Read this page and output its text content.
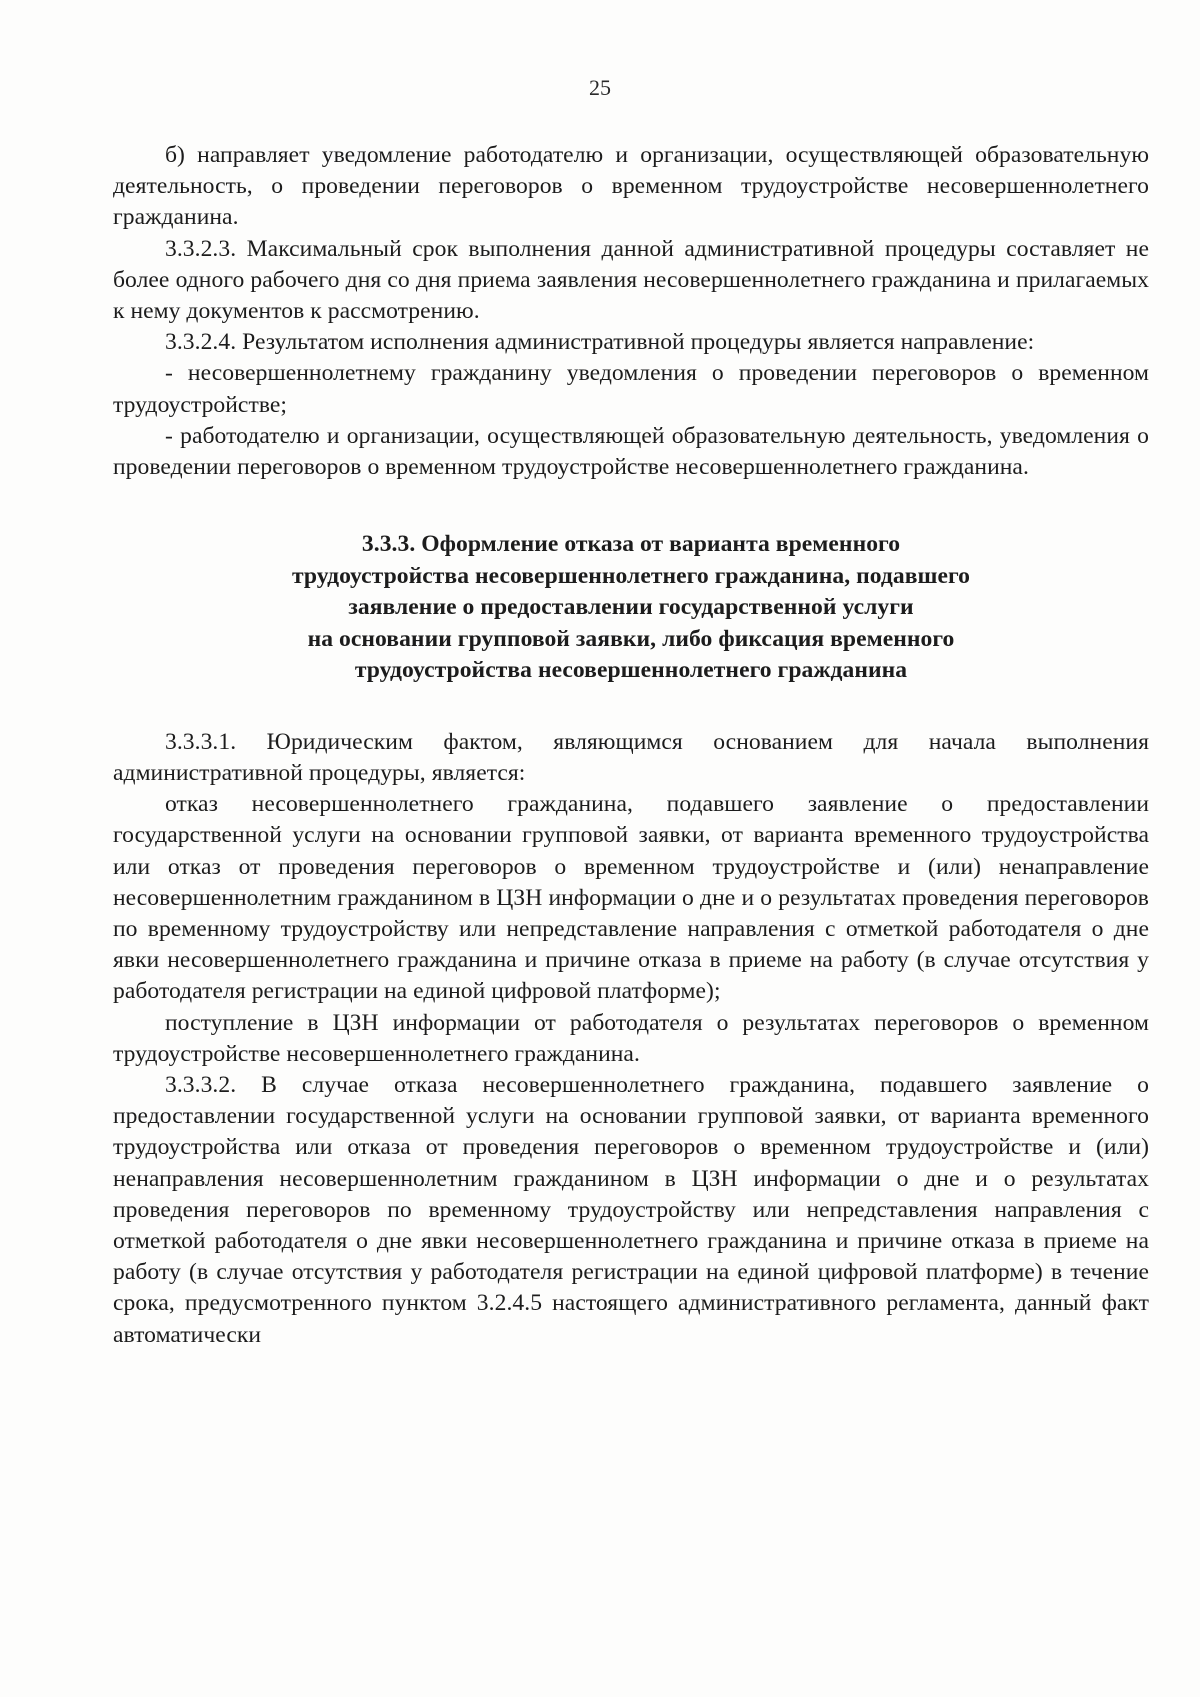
25

б) направляет уведомление работодателю и организации, осуществляющей образовательную деятельность, о проведении переговоров о временном трудоустройстве несовершеннолетнего гражданина.

3.3.2.3. Максимальный срок выполнения данной административной процедуры составляет не более одного рабочего дня со дня приема заявления несовершеннолетнего гражданина и прилагаемых к нему документов к рассмотрению.

3.3.2.4. Результатом исполнения административной процедуры является направление:

- несовершеннолетнему гражданину уведомления о проведении переговоров о временном трудоустройстве;

- работодателю и организации, осуществляющей образовательную деятельность, уведомления о проведении переговоров о временном трудоустройстве несовершеннолетнего гражданина.

3.3.3. Оформление отказа от варианта временного
трудоустройства несовершеннолетнего гражданина, подавшего
заявление о предоставлении государственной услуги
на основании групповой заявки, либо фиксация временного
трудоустройства несовершеннолетнего гражданина

3.3.3.1. Юридическим фактом, являющимся основанием для начала выполнения административной процедуры, является:

отказ несовершеннолетнего гражданина, подавшего заявление о предоставлении государственной услуги на основании групповой заявки, от варианта временного трудоустройства или отказ от проведения переговоров о временном трудоустройстве и (или) ненаправление несовершеннолетним гражданином в ЦЗН информации о дне и о результатах проведения переговоров по временному трудоустройству или непредставление направления с отметкой работодателя о дне явки несовершеннолетнего гражданина и причине отказа в приеме на работу (в случае отсутствия у работодателя регистрации на единой цифровой платформе);

поступление в ЦЗН информации от работодателя о результатах переговоров о временном трудоустройстве несовершеннолетнего гражданина.

3.3.3.2. В случае отказа несовершеннолетнего гражданина, подавшего заявление о предоставлении государственной услуги на основании групповой заявки, от варианта временного трудоустройства или отказа от проведения переговоров о временном трудоустройстве и (или) ненаправления несовершеннолетним гражданином в ЦЗН информации о дне и о результатах проведения переговоров по временному трудоустройству или непредставления направления с отметкой работодателя о дне явки несовершеннолетнего гражданина и причине отказа в приеме на работу (в случае отсутствия у работодателя регистрации на единой цифровой платформе) в течение срока, предусмотренного пунктом 3.2.4.5 настоящего административного регламента, данный факт автоматически
